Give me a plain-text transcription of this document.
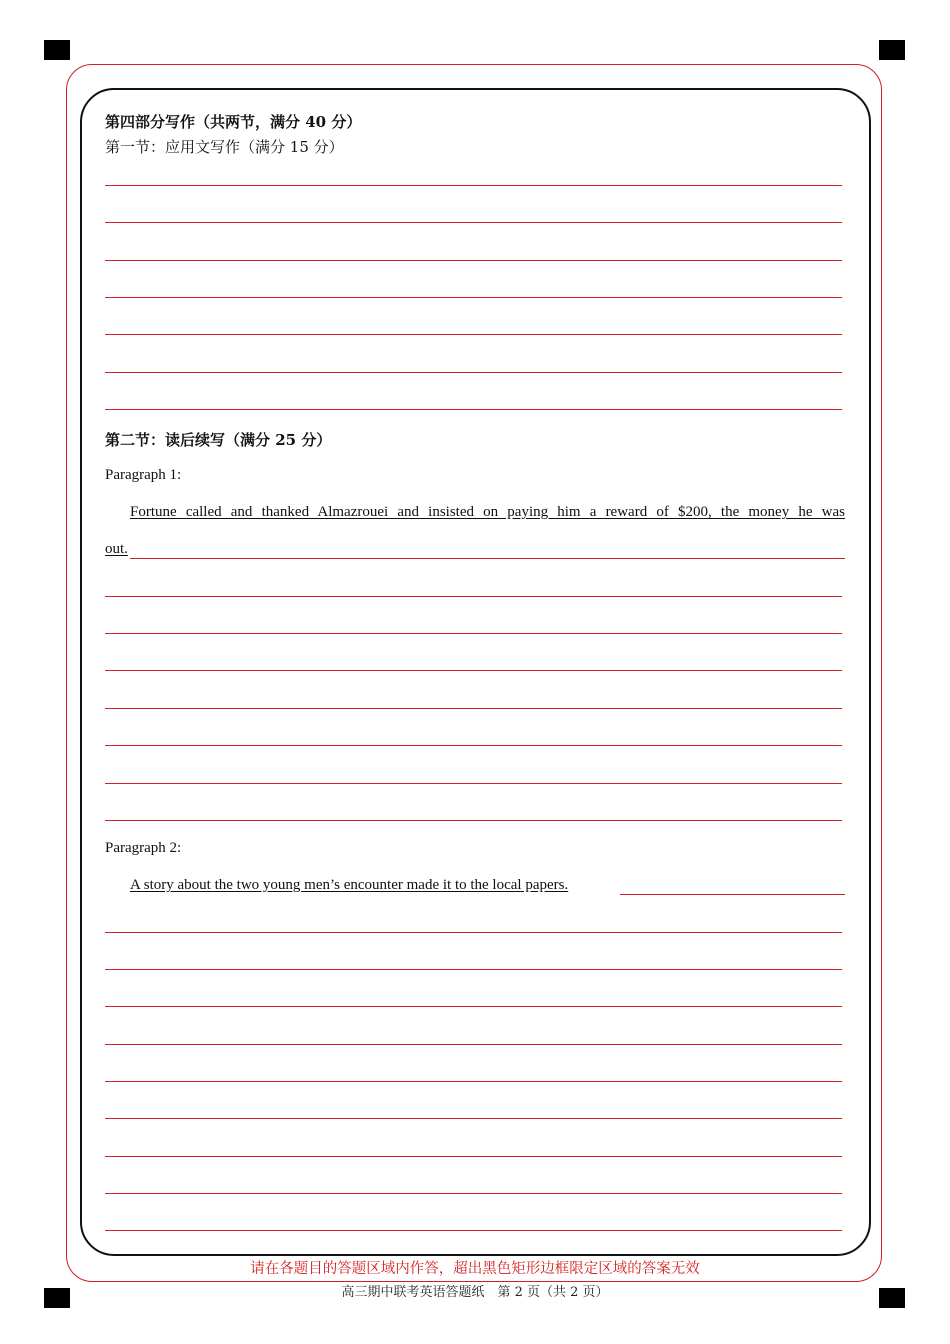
第四部分写作（共两节，满分 40 分）
第一节：应用文写作（满分 15 分）
第二节：读后续写（满分 25 分）
Paragraph 1:
Fortune called and thanked Almazrouei and insisted on paying him a reward of $200, the money he was
out.
Paragraph 2:
A story about the two young men’s encounter made it to the local papers.
请在各题目的答题区域内作答，超出黑色矩形边框限定区域的答案无效
高三期中联考英语答题纸　第 2 页（共 2 页）
